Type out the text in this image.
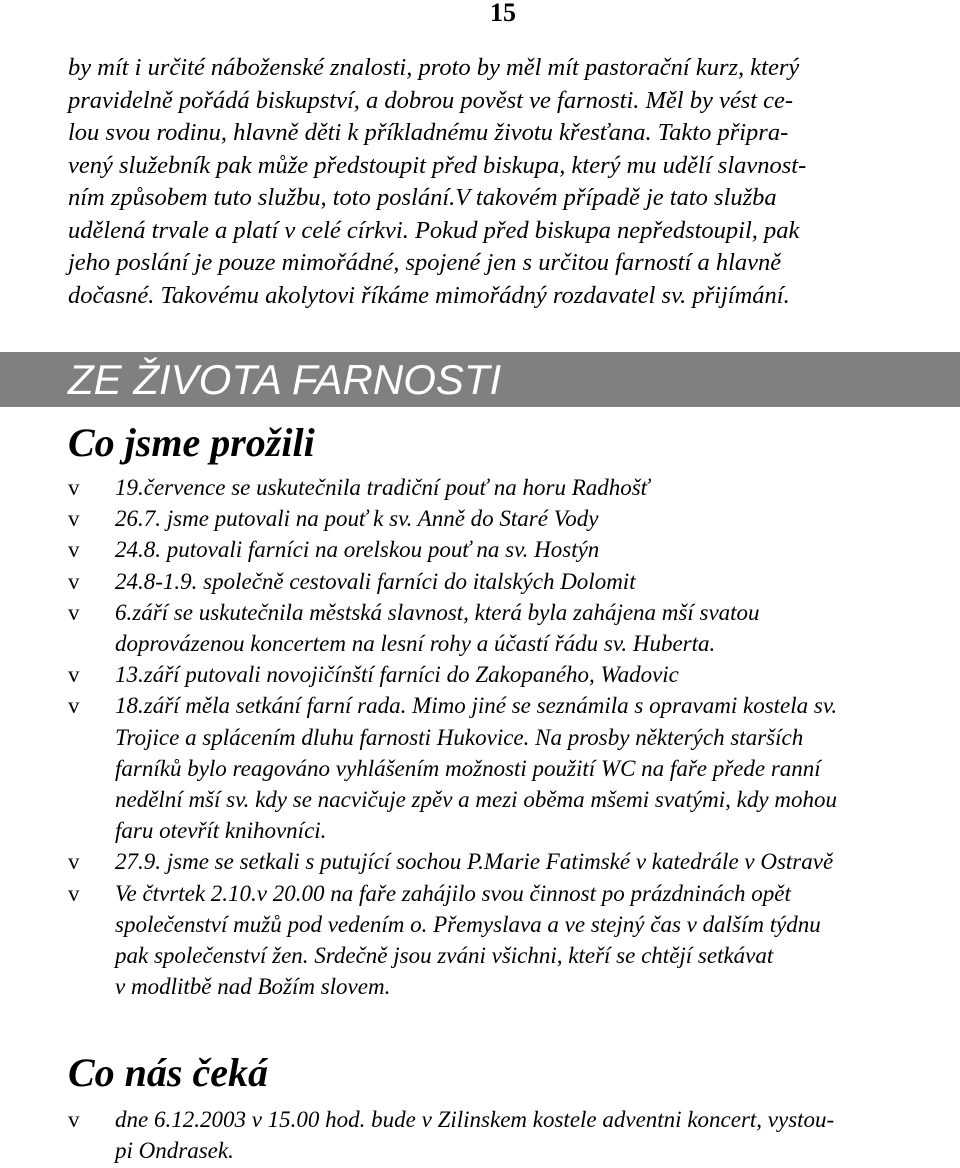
15
by mít i určité náboženské znalosti, proto by měl mít pastorační kurz, který
pravidelně pořádá biskupství, a dobrou pověst ve farnosti. Měl by vést ce-
lou svou rodinu, hlavně děti k příkladnému životu křesťana. Takto připra-
vený služebník pak může předstoupit před biskupa, který mu udělí slavnost-
ním způsobem tuto službu, toto poslání.V takovém případě je tato služba
udělená trvale a platí v celé církvi. Pokud před biskupa nepředstoupil, pak
jeho poslání je pouze mimořádné, spojené jen s určitou farností a hlavně
dočasné. Takovému akolytovi říkáme mimořádný rozdavatel sv. přijímání.
ZE ŽIVOTA FARNOSTI
Co jsme prožili
v 19.července se uskutečnila tradiční pouť na horu Radhošť
v 26.7. jsme putovali na pouť k sv. Anně do Staré Vody
v 24.8. putovali farníci na orelskou pouť na sv. Hostýn
v 24.8-1.9. společně cestovali farníci do italských Dolomit
v 6.září se uskutečnila městská slavnost, která byla zahájena mší svatou
doprovázenou koncertem na lesní rohy a účastí řádu sv. Huberta.
v 13.září putovali novojičínští farníci do Zakopaného, Wadovic
v 18.září měla setkání farní rada. Mimo jiné se seznámila s opravami kostela sv.
Trojice a splácením dluhu farnosti Hukovice. Na prosby některých starších
farníků bylo reagováno vyhlášením možnosti použití WC na faře přede ranní
nedělní mší sv. kdy se nacvičuje zpěv a mezi oběma mšemi svatými, kdy mohou
faru otevřít knihovníci.
v 27.9. jsme se setkali s putující sochou P.Marie Fatimské v katedrále v Ostravě
v Ve čtvrtek 2.10.v 20.00 na faře zahájilo svou činnost po prázdninách opět
společenství mužů pod vedením o. Přemyslava a ve stejný čas v dalším týdnu
pak společenství žen. Srdečně jsou zváni všichni, kteří se chtějí setkávat
v modlitbě nad Božím slovem.
Co nás čeká
v dne 6.12.2003 v 15.00 hod. bude v Zilinskem kostele adventni koncert, vystou-
pi Ondrasek.
